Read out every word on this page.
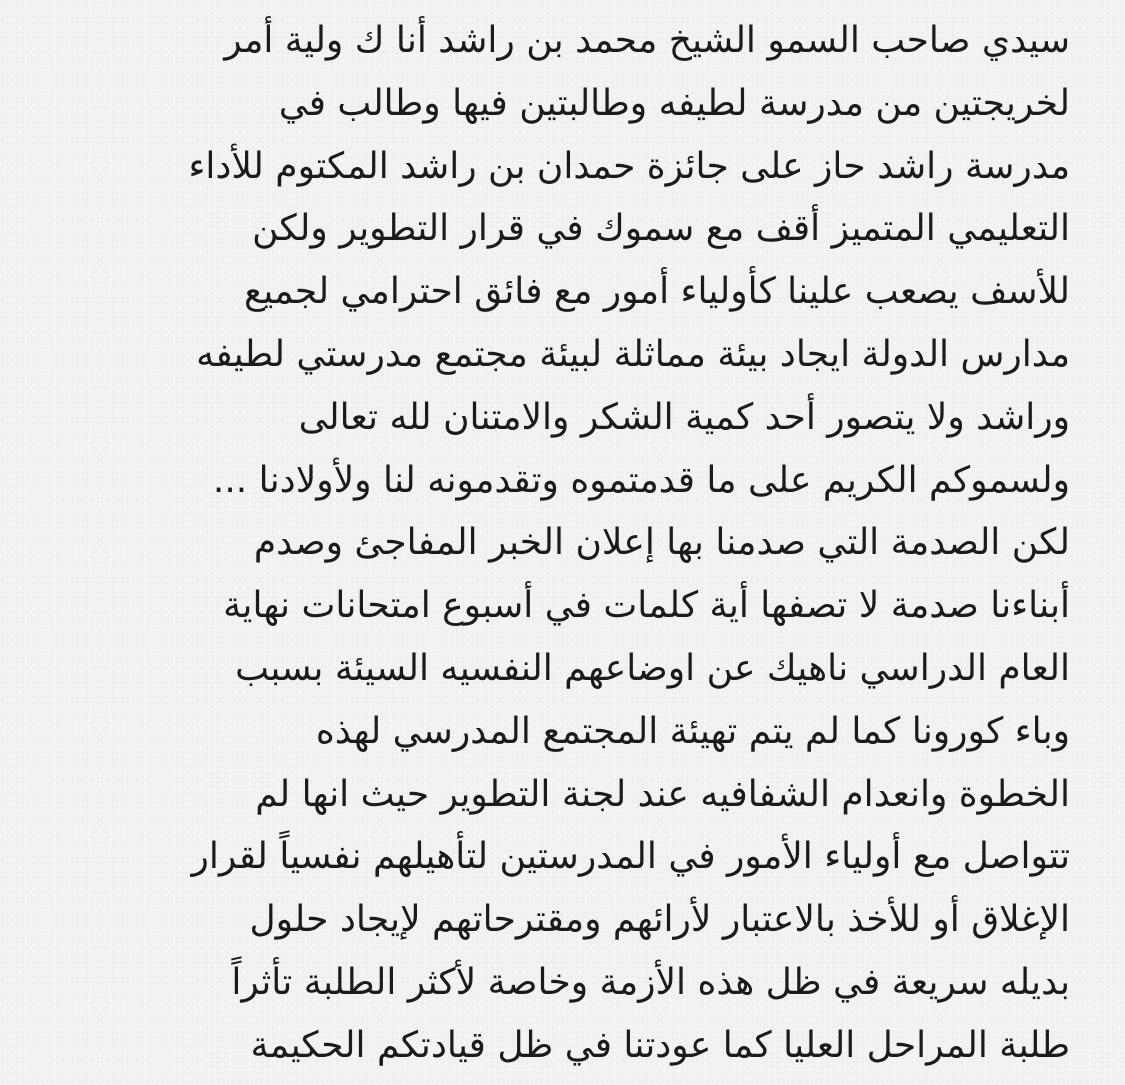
سيدي صاحب السمو الشيخ محمد بن راشد أنا ك ولية أمر
لخريجتين من مدرسة لطيفه وطالبتين فيها وطالب في
مدرسة راشد حاز على جائزة حمدان بن راشد المكتوم للأداء
التعليمي المتميز أقف مع سموك في قرار التطوير ولكن
للأسف يصعب علينا كأولياء أمور مع فائق احترامي لجميع
مدارس الدولة ايجاد بيئة مماثلة لبيئة مجتمع مدرستي لطيفه
وراشد ولا يتصور أحد كمية الشكر والامتنان لله تعالى
ولسموكم الكريم على ما قدمتموه وتقدمونه لنا ولأولادنا ...
لكن الصدمة التي صدمنا بها إعلان الخبر المفاجئ وصدم
أبناءنا صدمة لا تصفها أية كلمات في أسبوع امتحانات نهاية
العام الدراسي ناهيك عن اوضاعهم النفسيه السيئة بسبب
وباء كورونا كما لم يتم تهيئة المجتمع المدرسي لهذه
الخطوة وانعدام الشفافيه عند لجنة التطوير حيث انها لم
تتواصل مع أولياء الأمور في المدرستين لتأهيلهم نفسياً لقرار
الإغلاق أو للأخذ بالاعتبار لأرائهم ومقترحاتهم لإيجاد حلول
بديله سريعة في ظل هذه الأزمة وخاصة لأكثر الطلبة تأثراً
طلبة المراحل العليا كما عودتنا في ظل قيادتكم الحكيمة
